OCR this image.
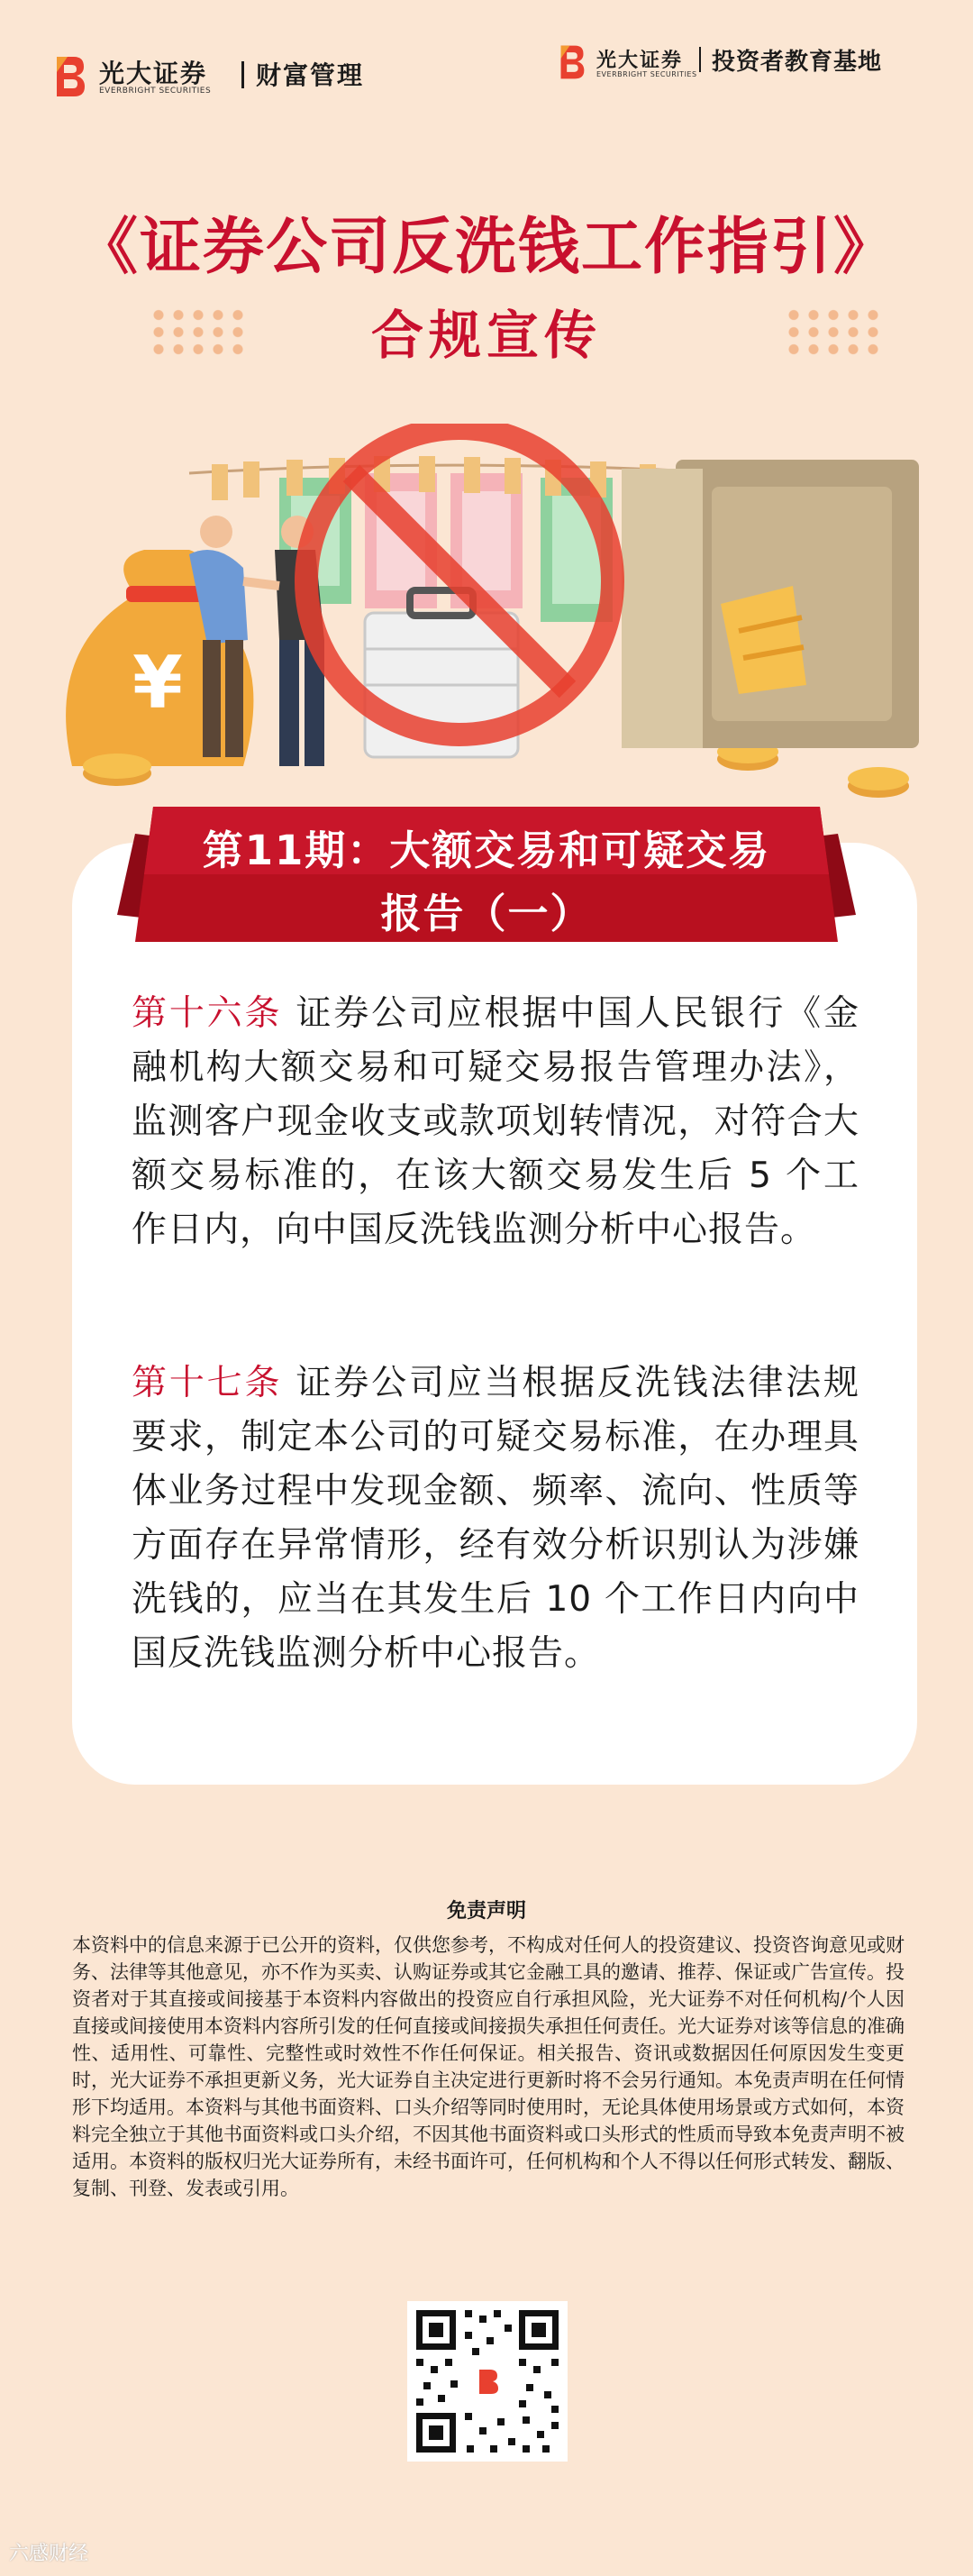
光大证券
EVERBRIGHT SECURITIES
财富管理	光大证券
EVERBRIGHT SECURITIES 投资者教育基地
《证券公司反洗钱工作指引》
合规宣传
¥
第十六条 证券公司应根据中国人民银行《金融机构大额交易和可疑交易报告管理办法》，监测客户现金收支或款项划转情况，对符合大额交易标准的，在该大额交易发生后 5 个工作日内，向中国反洗钱监测分析中心报告。
第十七条 证券公司应当根据反洗钱法律法规要求，制定本公司的可疑交易标准，在办理具体业务过程中发现金额、频率、流向、性质等方面存在异常情形，经有效分析识别认为涉嫌洗钱的，应当在其发生后 10 个工作日内向中国反洗钱监测分析中心报告。
第11期：大额交易和可疑交易
报告（一）
免责声明
本资料中的信息来源于已公开的资料，仅供您参考，不构成对任何人的投资建议、投资咨询意见或财务、法律等其他意见，亦不作为买卖、认购证券或其它金融工具的邀请、推荐、保证或广告宣传。投资者对于其直接或间接基于本资料内容做出的投资应自行承担风险，光大证券不对任何机构/个人因直接或间接使用本资料内容所引发的任何直接或间接损失承担任何责任。光大证券对该等信息的准确性、适用性、可靠性、完整性或时效性不作任何保证。相关报告、资讯或数据因任何原因发生变更时，光大证券不承担更新义务，光大证券自主决定进行更新时将不会另行通知。本免责声明在任何情形下均适用。本资料与其他书面资料、口头介绍等同时使用时，无论具体使用场景或方式如何，本资料完全独立于其他书面资料或口头介绍，不因其他书面资料或口头形式的性质而导致本免责声明不被适用。本资料的版权归光大证券所有，未经书面许可，任何机构和个人不得以任何形式转发、翻版、复制、刊登、发表或引用。
六感财经
